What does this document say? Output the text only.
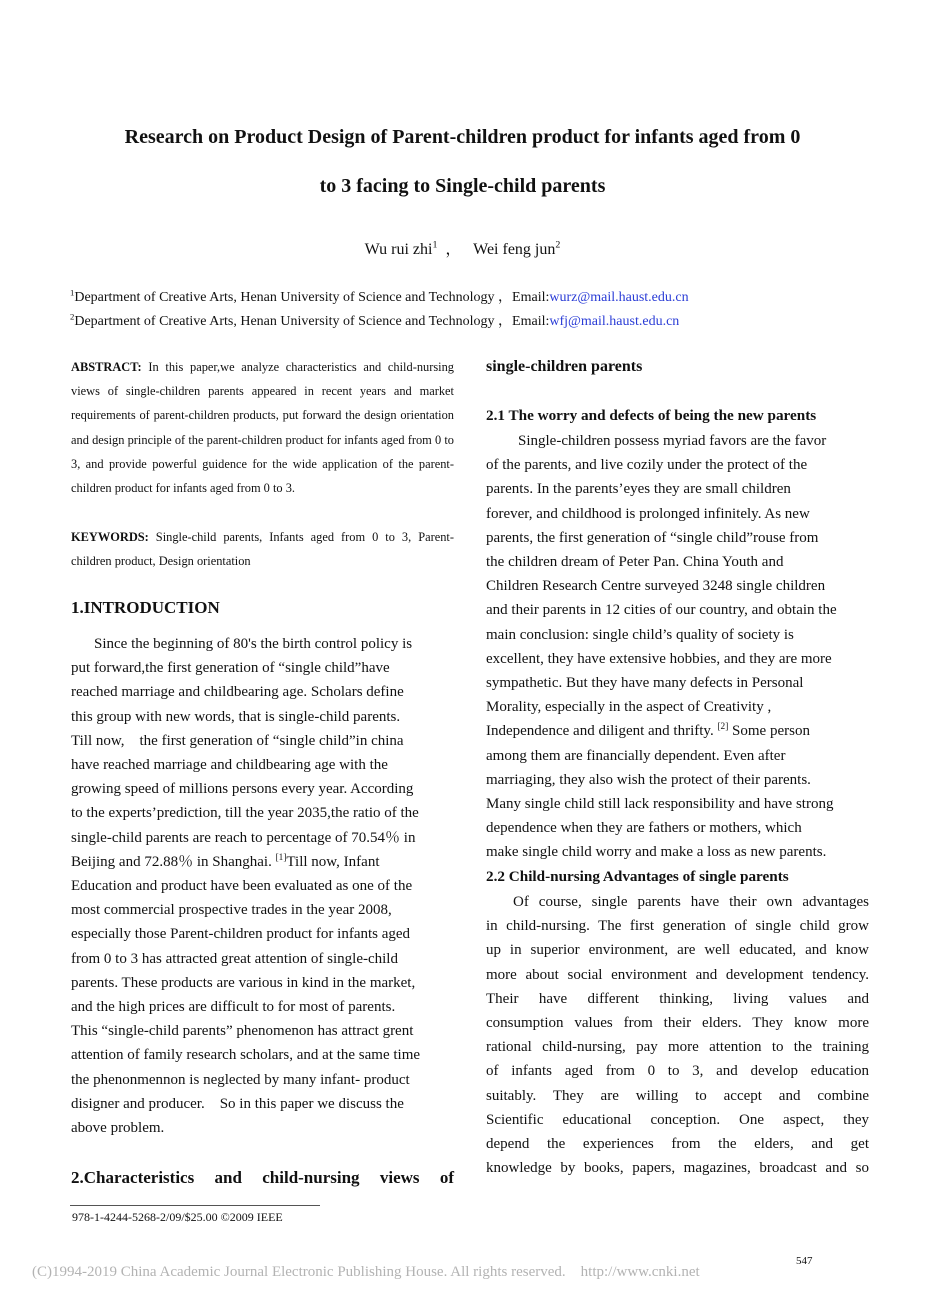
Research on Product Design of Parent-children product for infants aged from 0
to 3 facing to Single-child parents
Wu rui zhi$^1$ ， Wei feng jun$^2$
$^1$Department of Creative Arts, Henan University of Science and Technology ，Email:wurz@mail.haust.edu.cn
$^2$Department of Creative Arts, Henan University of Science and Technology ，Email:wfj@mail.haust.edu.cn
ABSTRACT: In this paper,we analyze characteristics and child-nursing views of single-children parents appeared in recent years and market requirements of parent-children products, put forward the design orientation and design principle of the parent-children product for infants aged from 0 to 3, and provide powerful guidence for the wide application of the parent-children product for infants aged from 0 to 3.
KEYWORDS: Single-child parents, Infants aged from 0 to 3, Parent-children product, Design orientation
1.INTRODUCTION
Since the beginning of 80's the birth control policy is
put forward,the first generation of “single child”have
reached marriage and childbearing age. Scholars define
this group with new words, that is single-child parents.
Till now,    the first generation of “single child”in china
have reached marriage and childbearing age with the
growing speed of millions persons every year. According
to the experts’prediction, till the year 2035,the ratio of the
single-child parents are reach to percentage of 70.54％ in
Beijing and 72.88％ in Shanghai. [1]Till now, Infant
Education and product have been evaluated as one of the
most commercial prospective trades in the year 2008,
especially those Parent-children product for infants aged
from 0 to 3 has attracted great attention of single-child
parents. These products are various in kind in the market,
and the high prices are difficult to for most of parents.
This “single-child parents” phenomenon has attract grent
attention of family research scholars, and at the same time
the phenonmennon is neglected by many infant- product
disigner and producer.    So in this paper we discuss the
above problem.
2.Characteristics and child-nursing views of
978-1-4244-5268-2/09/$25.00 ©2009 IEEE
single-children parents
2.1 The worry and defects of being the new parents
Single-children possess myriad favors are the favor
of the parents, and live cozily under the protect of the
parents. In the parents’eyes they are small children
forever, and childhood is prolonged infinitely. As new
parents, the first generation of “single child”rouse from
the children dream of Peter Pan. China Youth and
Children Research Centre surveyed 3248 single children
and their parents in 12 cities of our country, and obtain the
main conclusion: single child’s quality of society is
excellent, they have extensive hobbies, and they are more
sympathetic. But they have many defects in Personal
Morality, especially in the aspect of Creativity ,
Independence and diligent and thrifty. [2] Some person
among them are financially dependent. Even after
marriaging, they also wish the protect of their parents.
Many single child still lack responsibility and have strong
dependence when they are fathers or mothers, which
make single child worry and make a loss as new parents.
2.2 Child-nursing Advantages of single parents
Of course, single parents have their own advantages
in child-nursing. The first generation of single child grow
up in superior environment, are well educated, and know
more about social environment and development tendency.
Their have different thinking, living values and
consumption values from their elders. They know more
rational child-nursing, pay more attention to the training
of infants aged from 0 to 3, and develop education
suitably. They are willing to accept and combine
Scientific educational conception. One aspect, they
depend the experiences from the elders, and get
knowledge by books, papers, magazines, broadcast and so
547
(C)1994-2019 China Academic Journal Electronic Publishing House. All rights reserved.    http://www.cnki.net
